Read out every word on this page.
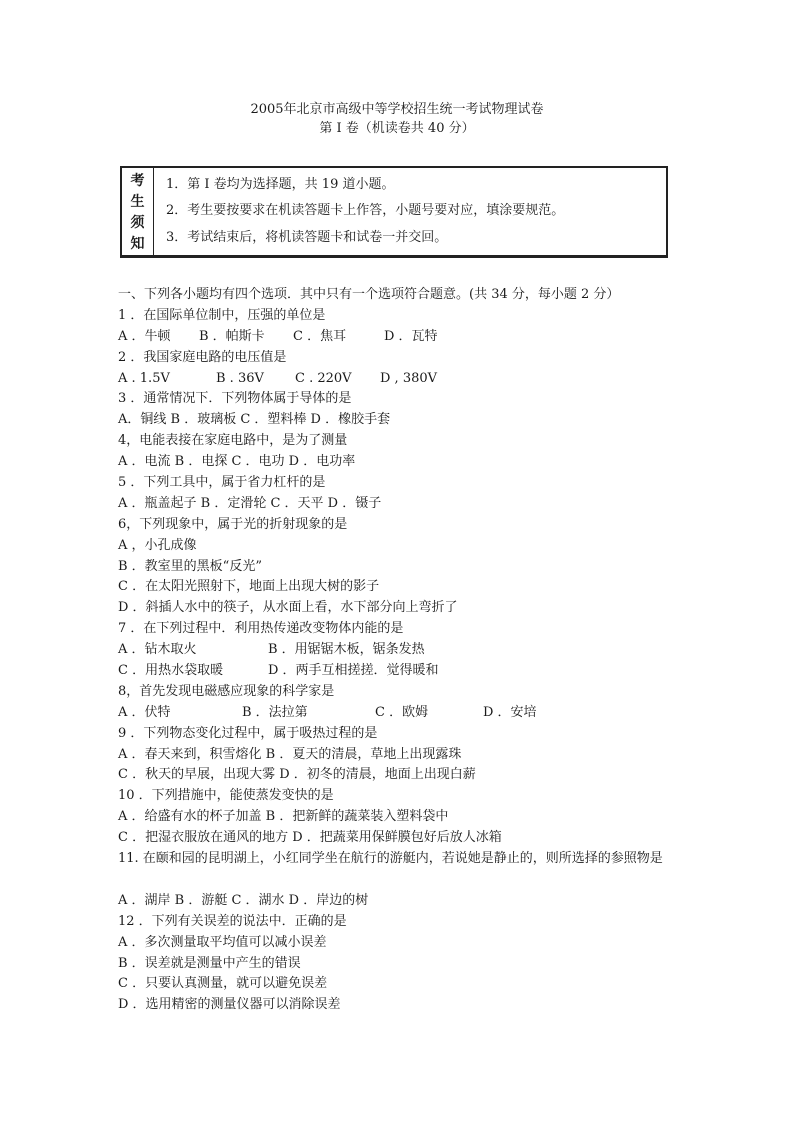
2005年北京市高级中等学校招生统一考试物理试卷
第 I 卷（机读卷共 40 分）
考
生
须
知
1．第 I 卷均为选择题，共 19 道小题。
2．考生要按要求在机读答题卡上作答，小题号要对应，填涂要规范。
3．考试结束后，将机读答题卡和试卷一并交回。
一、下列各小题均有四个选项．其中只有一个选项符合题意。(共 34 分，每小题 2 分）
1 ．在国际单位制中，压强的单位是
A ．牛顿	B ．帕斯卡	C ．焦耳	D ．瓦特
2 ．我国家庭电路的电压值是
A . 1.5V	B . 36V	C . 220V	D , 380V
3 ．通常情况下．下列物体属于导体的是
A．铜线 B ．玻璃板 C ．塑料棒 D ．橡胶手套
4，电能表接在家庭电路中，是为了测量
A ．电流 B ．电探 C ．电功 D ．电功率
5 ．下列工具中，属于省力杠杆的是
A ．瓶盖起子 B ．定滑轮 C ．天平 D ．镊子
6，下列现象中，属于光的折射现象的是
A ，小孔成像
B ．教室里的黑板“反光”
C ．在太阳光照射下，地面上出现大树的影子
D ．斜插人水中的筷子，从水面上看，水下部分向上弯折了
7 ．在下列过程中．利用热传递改变物体内能的是
A ．钻木取火	B ．用锯锯木板，锯条发热
C ．用热水袋取暖	D ．两手互相搓搓．觉得暖和
8，首先发现电磁感应现象的科学家是
A ．伏特	B ．法拉第	C ．欧姆	D ．安培
9 ．下列物态变化过程中，属于吸热过程的是
A ．春天来到，积雪熔化 B ．夏天的清晨，草地上出现露珠
C ．秋天的早展，出现大雾 D ．初冬的清晨，地面上出现白薪
10 ．下列措施中，能使蒸发变快的是
A ．给盛有水的杯子加盖 B ．把新鲜的蔬菜装入塑料袋中
C ．把湿衣服放在通风的地方 D ．把蔬菜用保鲜膜包好后放人冰箱
11. 在颐和园的昆明湖上，小红同学坐在航行的游艇内，若说她是静止的，则所选择的参照物是
A ．湖岸 B ．游艇 C ．湖水 D ．岸边的树
12 ．下列有关误差的说法中．正确的是
A ．多次测量取平均值可以减小误差
B ．误差就是测量中产生的错误
C ．只要认真测量，就可以避免误差
D ．选用精密的测量仪器可以消除误差
